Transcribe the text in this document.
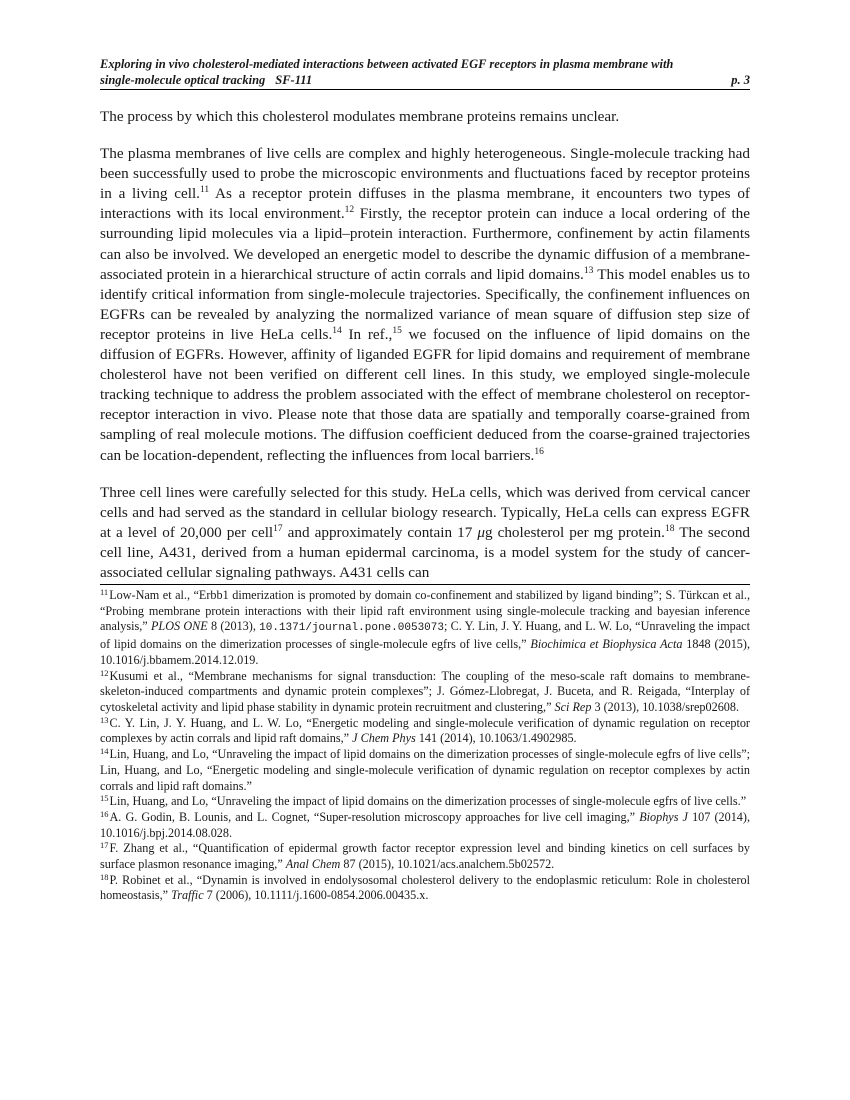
Exploring in vivo cholesterol-mediated interactions between activated EGF receptors in plasma membrane with
single-molecule optical tracking SF-111	p. 3

The process by which this cholesterol modulates membrane proteins remains unclear.

The plasma membranes of live cells are complex and highly heterogeneous. Single-molecule tracking had been successfully used to probe the microscopic environments and fluctuations faced by receptor proteins in a living cell.$^{11}$ As a receptor protein diffuses in the plasma membrane, it encounters two types of interactions with its local environment.$^{12}$ Firstly, the receptor protein can induce a local ordering of the surrounding lipid molecules via a lipid–protein interaction. Furthermore, confinement by actin filaments can also be involved. We developed an energetic model to describe the dynamic diffusion of a membrane-associated protein in a hierarchical structure of actin corrals and lipid domains.$^{13}$ This model enables us to identify critical information from single-molecule trajectories. Specifically, the confinement influences on EGFRs can be revealed by analyzing the normalized variance of mean square of diffusion step size of receptor proteins in live HeLa cells.$^{14}$ In ref.,$^{15}$ we focused on the influence of lipid domains on the diffusion of EGFRs. However, affinity of liganded EGFR for lipid domains and requirement of membrane cholesterol have not been verified on different cell lines. In this study, we employed single-molecule tracking technique to address the problem associated with the effect of membrane cholesterol on receptor-receptor interaction in vivo. Please note that those data are spatially and temporally coarse-grained from sampling of real molecule motions. The diffusion coefficient deduced from the coarse-grained trajectories can be location-dependent, reflecting the influences from local barriers.$^{16}$

Three cell lines were carefully selected for this study. HeLa cells, which was derived from cervical cancer cells and had served as the standard in cellular biology research. Typically, HeLa cells can express EGFR at a level of 20,000 per cell$^{17}$ and approximately contain 17 μg cholesterol per mg protein.$^{18}$ The second cell line, A431, derived from a human epidermal carcinoma, is a model system for the study of cancer-associated cellular signaling pathways. A431 cells can

$^{11}$Low-Nam et al., “Erbb1 dimerization is promoted by domain co-confinement and stabilized by ligand binding”; S. Türkcan et al., “Probing membrane protein interactions with their lipid raft environment using single-molecule tracking and bayesian inference analysis,” PLOS ONE 8 (2013), 10.1371/journal.pone.0053073; C. Y. Lin, J. Y. Huang, and L. W. Lo, “Unraveling the impact of lipid domains on the dimerization processes of single-molecule egfrs of live cells,” Biochimica et Biophysica Acta 1848 (2015), 10.1016/j.bbamem.2014.12.019.

$^{12}$Kusumi et al., “Membrane mechanisms for signal transduction: The coupling of the meso-scale raft domains to membrane-skeleton-induced compartments and dynamic protein complexes”; J. Gómez-Llobregat, J. Buceta, and R. Reigada, “Interplay of cytoskeletal activity and lipid phase stability in dynamic protein recruitment and clustering,” Sci Rep 3 (2013), 10.1038/srep02608.

$^{13}$C. Y. Lin, J. Y. Huang, and L. W. Lo, “Energetic modeling and single-molecule verification of dynamic regulation on receptor complexes by actin corrals and lipid raft domains,” J Chem Phys 141 (2014), 10.1063/1.4902985.

$^{14}$Lin, Huang, and Lo, “Unraveling the impact of lipid domains on the dimerization processes of single-molecule egfrs of live cells”; Lin, Huang, and Lo, “Energetic modeling and single-molecule verification of dynamic regulation on receptor complexes by actin corrals and lipid raft domains.”

$^{15}$Lin, Huang, and Lo, “Unraveling the impact of lipid domains on the dimerization processes of single-molecule egfrs of live cells.”

$^{16}$A. G. Godin, B. Lounis, and L. Cognet, “Super-resolution microscopy approaches for live cell imaging,” Biophys J 107 (2014), 10.1016/j.bpj.2014.08.028.

$^{17}$F. Zhang et al., “Quantification of epidermal growth factor receptor expression level and binding kinetics on cell surfaces by surface plasmon resonance imaging,” Anal Chem 87 (2015), 10.1021/acs.analchem.5b02572.

$^{18}$P. Robinet et al., “Dynamin is involved in endolysosomal cholesterol delivery to the endoplasmic reticulum: Role in cholesterol homeostasis,” Traffic 7 (2006), 10.1111/j.1600-0854.2006.00435.x.
